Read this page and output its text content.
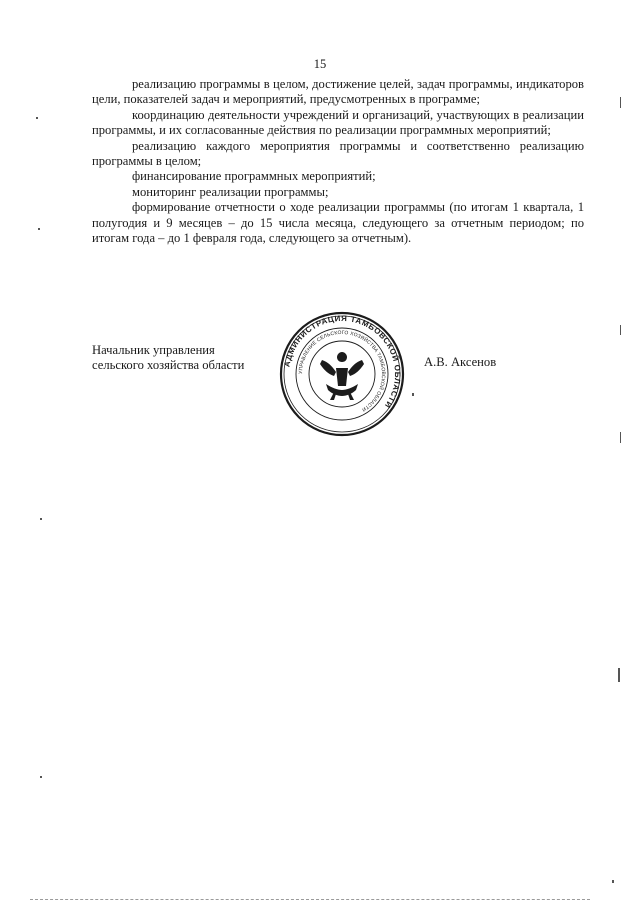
15

реализацию программы в целом, достижение целей, задач программы, индикаторов цели, показателей задач и мероприятий, предусмотренных в программе;

координацию деятельности учреждений и организаций, участвующих в реализации программы, и их согласованные действия по реализации программных мероприятий;

реализацию каждого мероприятия программы и соответственно реализацию программы в целом;

финансирование программных мероприятий;

мониторинг реализации программы;

формирование отчетности о ходе реализации программы (по итогам 1 квартала, 1 полугодия и 9 месяцев – до 15 числа месяца, следующего за отчетным периодом; по итогам года – до 1 февраля года, следующего за отчетным).

Начальник управления
сельского хозяйства области	АДМИНИСТРАЦИЯ ТАМБОВСКОЙ ОБЛАСТИ
УПРАВЛЕНИЕ СЕЛЬСКОГО ХОЗЯЙСТВА ТАМБОВСКОЙ ОБЛАСТИ
А.В. Аксенов
